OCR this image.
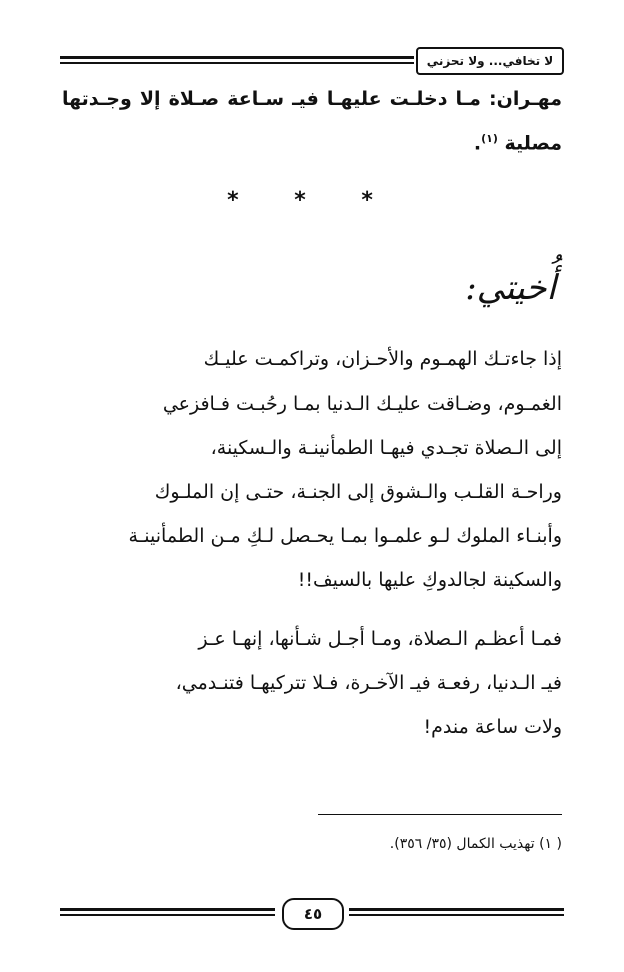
لا تخافي... ولا تحزني
مهـران: مـا دخلـت عليهـا فيـ سـاعة صـلاة إلا وجـدتها
مصلية $^{(١)}$.
* * *
أُخيتي:
إذا جاءتـك الهمـوم والأحـزان، وتراكمـت عليـك
الغمـوم، وضـاقت عليـك الـدنيا بمـا رحُبـت فـافزعي
إلى الـصلاة تجـدي فيهـا الطمأنينـة والـسكينة،
وراحـة القلـب والـشوق إلى الجنـة، حتـى إن الملـوك
وأبنـاء الملوك لـو علمـوا بمـا يحـصل لـكِ مـن الطمأنينـة
والسكينة لجالدوكِ عليها بالسيف!!
فمـا أعظـم الـصلاة، ومـا أجـل شـأنها، إنهـا عـز
فيـ الـدنيا، رفعـة فيـ الآخـرة، فـلا تتركيهـا فتنـدمي،
ولات ساعة مندم!
( ١) تهذيب الكمال (٣٥/ ٣٥٦).
٤٥
